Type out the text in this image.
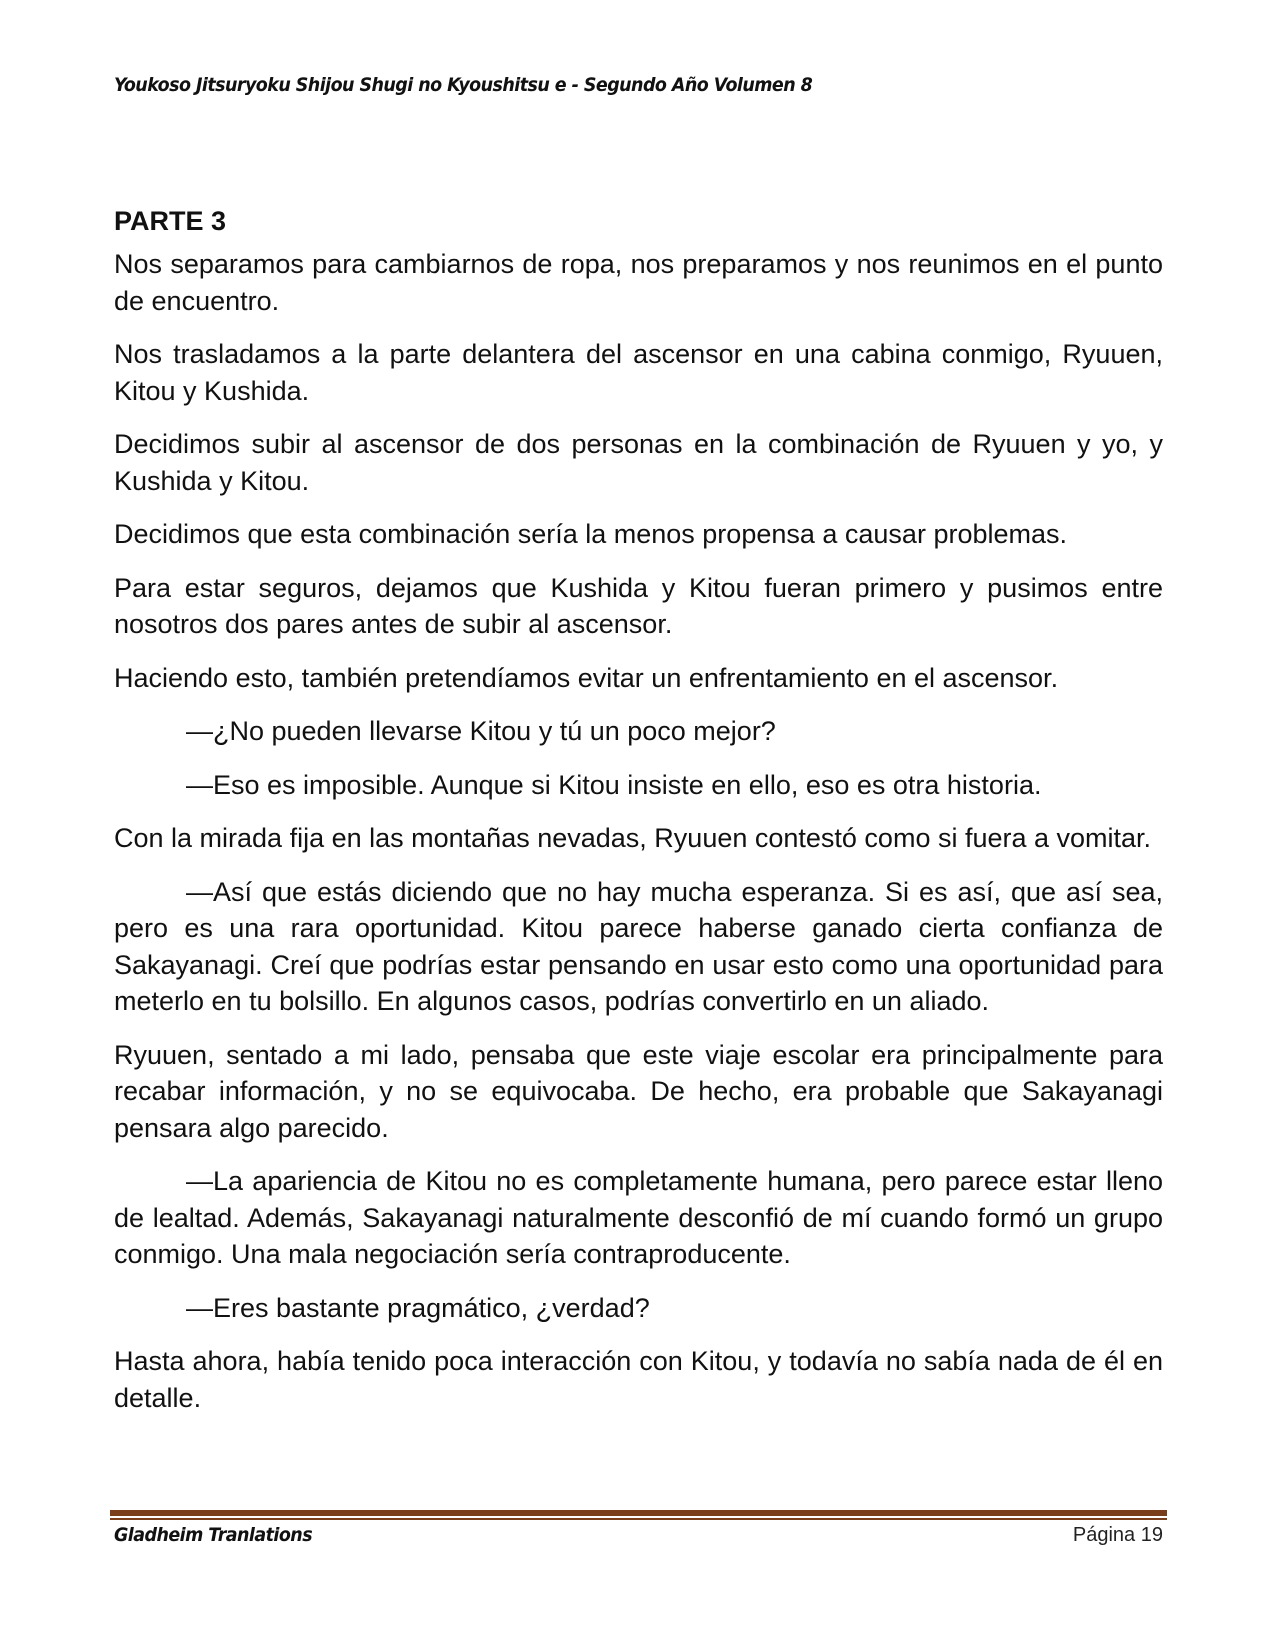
Youkoso Jitsuryoku Shijou Shugi no Kyoushitsu e - Segundo Año Volumen 8
PARTE 3

Nos separamos para cambiarnos de ropa, nos preparamos y nos reunimos en el punto de encuentro.

Nos trasladamos a la parte delantera del ascensor en una cabina conmigo, Ryuuen, Kitou y Kushida.

Decidimos subir al ascensor de dos personas en la combinación de Ryuuen y yo, y Kushida y Kitou.

Decidimos que esta combinación sería la menos propensa a causar problemas.

Para estar seguros, dejamos que Kushida y Kitou fueran primero y pusimos entre nosotros dos pares antes de subir al ascensor.

Haciendo esto, también pretendíamos evitar un enfrentamiento en el ascensor.

—¿No pueden llevarse Kitou y tú un poco mejor?

—Eso es imposible. Aunque si Kitou insiste en ello, eso es otra historia.

Con la mirada fija en las montañas nevadas, Ryuuen contestó como si fuera a vomitar.

—Así que estás diciendo que no hay mucha esperanza. Si es así, que así sea, pero es una rara oportunidad. Kitou parece haberse ganado cierta confianza de Sakayanagi. Creí que podrías estar pensando en usar esto como una oportunidad para meterlo en tu bolsillo. En algunos casos, podrías convertirlo en un aliado.

Ryuuen, sentado a mi lado, pensaba que este viaje escolar era principalmente para recabar información, y no se equivocaba. De hecho, era probable que Sakayanagi pensara algo parecido.

—La apariencia de Kitou no es completamente humana, pero parece estar lleno de lealtad. Además, Sakayanagi naturalmente desconfió de mí cuando formó un grupo conmigo. Una mala negociación sería contraproducente.

—Eres bastante pragmático, ¿verdad?

Hasta ahora, había tenido poca interacción con Kitou, y todavía no sabía nada de él en detalle.

Gladheim Tranlations	Página 19
